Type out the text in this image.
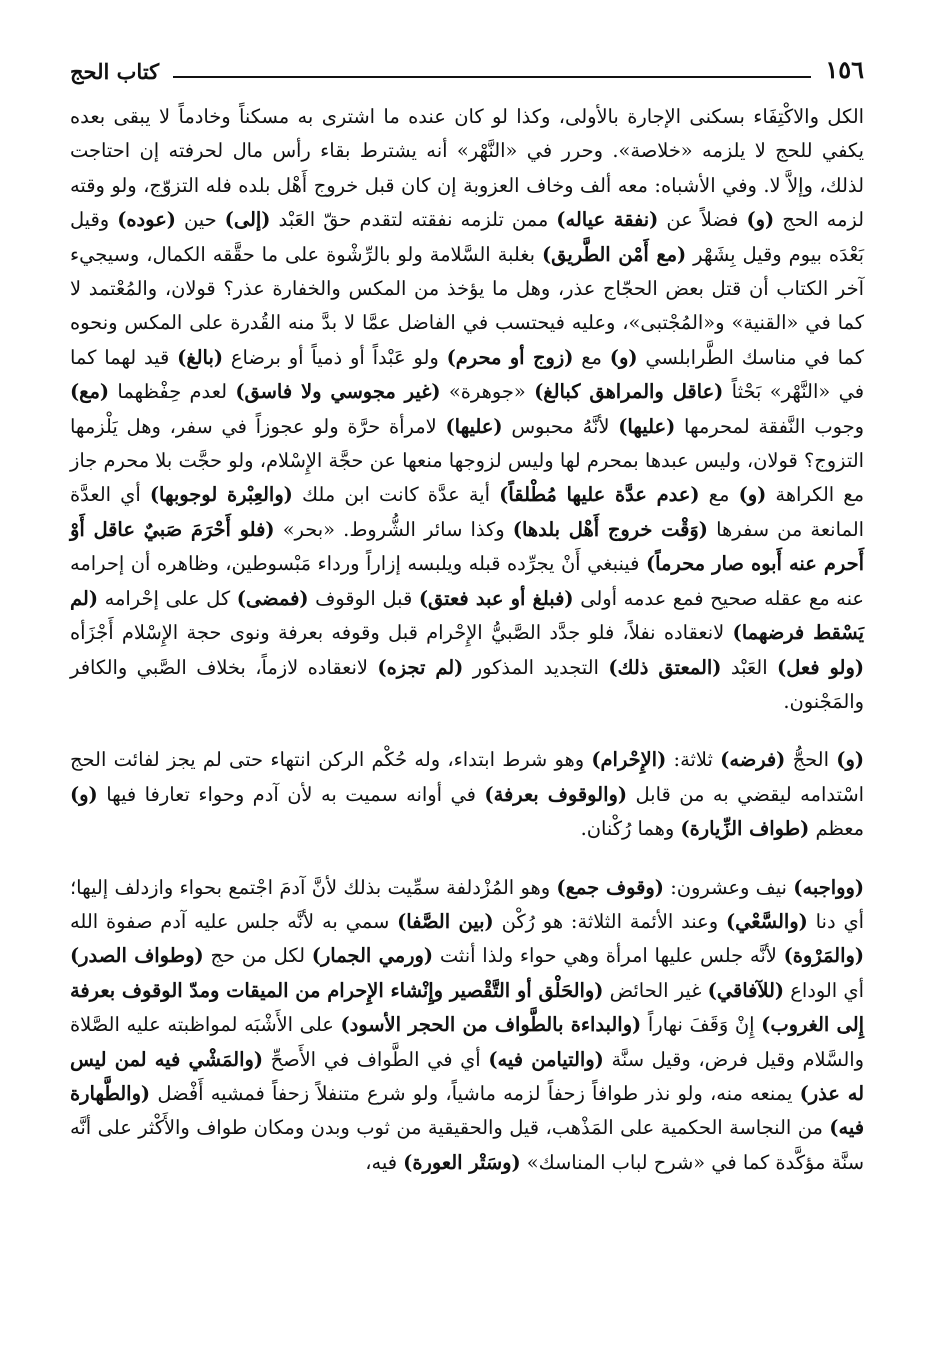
كتاب الحج	١٥٦

الكل والاكْتِفَاء بسكنى الإجارة بالأولى، وكذا لو كان عنده ما اشترى به مسكناً وخادماً لا يبقى بعده يكفي للحج لا يلزمه «خلاصة». وحرر في «النَّهْر» أنه يشترط بقاء رأس مال لحرفته إن احتاجت لذلك، وإلاَّ لا. وفي الأشباه: معه ألف وخاف العزوبة إن كان قبل خروج أَهْل بلده فله التزوّج، ولو وقته لزمه الحج (و) فضلاً عن (نفقة عياله) ممن تلزمه نفقته لتقدم حقّ العَبْد (إلى) حين (عوده) وقيل بَعْدَه بيوم وقيل بِشَهْر (مع أَمْن الطَّريق) بغلبة السَّلامة ولو بالرِّشْوة على ما حقَّقه الكمال، وسيجيء آخر الكتاب أن قتل بعض الحجّاج عذر، وهل ما يؤخذ من المكس والخفارة عذر؟ قولان، والمُعْتمد لا كما في «القنية» و«المُجْتبى»، وعليه فيحتسب في الفاضل عمَّا لا بدَّ منه القُدرة على المكس ونحوه كما في مناسك الطَّرابلسي (و) مع (زوج أو محرم) ولو عَبْداً أو ذمياً أو برضاع (بالغ) قيد لهما كما في «النَّهْر» بَحْثاً (عاقل والمراهق كبالغ) «جوهرة» (غير مجوسي ولا فاسق) لعدم حِفْظهما (مع) وجوب النَّفقة لمحرمها (عليها) لأنَّهُ محبوس (عليها) لامرأة حرَّة ولو عجوزاً في سفر، وهل يَلْزمها التزوج؟ قولان، وليس عبدها بمحرم لها وليس لزوجها منعها عن حجَّة الإِسْلام، ولو حجَّت بلا محرم جاز مع الكراهة (و) مع (عدم عدَّة عليها مُطْلقاً) أية عدَّة كانت ابن ملك (والعِبْرة لوجوبها) أي العدَّة المانعة من سفرها (وَقْت خروج أَهْل بلدها) وكذا سائر الشُّروط. «بحر» (فلو أَحْرَمَ صَبيٌ عاقل أَوْ أَحرم عنه أَبوه صار محرماً) فينبغي أَنْ يجرِّده قبله ويلبسه إزاراً ورداء مَبْسوطين، وظاهره أن إحرامه عنه مع عقله صحيح فمع عدمه أولى (فبلغ أو عبد فعتق) قبل الوقوف (فمضى) كل على إحْرامه (لم يَسْقط فرضهما) لانعقاده نفلاً، فلو جدَّد الصَّبيُّ الإِحْرام قبل وقوفه بعرفة ونوى حجة الإِسْلام أَجْزَأه (ولو فعل) العَبْد (المعتق ذلك) التجديد المذكور (لم تجزه) لانعقاده لازماً، بخلاف الصَّبي والكافر والمَجْنون.

(و) الحجُّ (فرضه) ثلاثة: (الإِحْرام) وهو شرط ابتداء، وله حُكْم الركن انتهاء حتى لم يجز لفائت الحج اسْتدامه ليقضي به من قابل (والوقوف بعرفة) في أوانه سميت به لأن آدم وحواء تعارفا فيها (و) معظم (طواف الزِّيارة) وهما رُكْنان.

(وواجبه) نيف وعشرون: (وقوف جمع) وهو المُزْدلفة سمِّيت بذلك لأنَّ آدمَ اجْتمع بحواء وازدلف إليها؛ أي دنا (والسَّعْي) وعند الأئمة الثلاثة: هو رُكْن (بين الصَّفا) سمي به لأنَّه جلس عليه آدم صفوة الله (والمَرْوة) لأنَّه جلس عليها امرأة وهي حواء ولذا أنثت (ورمي الجمار) لكل من حج (وطواف الصدر) أي الوداع (للآفاقي) غير الحائض (والحَلْق أو التَّقْصير وإِنْشاء الإِحرام من الميقات ومدّ الوقوف بعرفة إِلى الغروب) إِنْ وَقَفَ نهاراً (والبداءة بالطَّواف من الحجر الأسود) على الأَشْبَه لمواظبته عليه الصَّلاة والسَّلام وقيل فرض، وقيل سنَّة (والتيامن فيه) أي في الطَّواف في الأَصحِّ (والمَشْي فيه لمن ليس له عذر) يمنعه منه، ولو نذر طوافاً زحفاً لزمه ماشياً، ولو شرع متنفلاً زحفاً فمشيه أَفْضل (والطَّهارة فيه) من النجاسة الحكمية على المَذْهب، قيل والحقيقية من ثوب وبدن ومكان طواف والأَكْثر على أنَّه سنَّة مؤكَّدة كما في «شرح لباب المناسك» (وسَتْر العورة) فيه،
